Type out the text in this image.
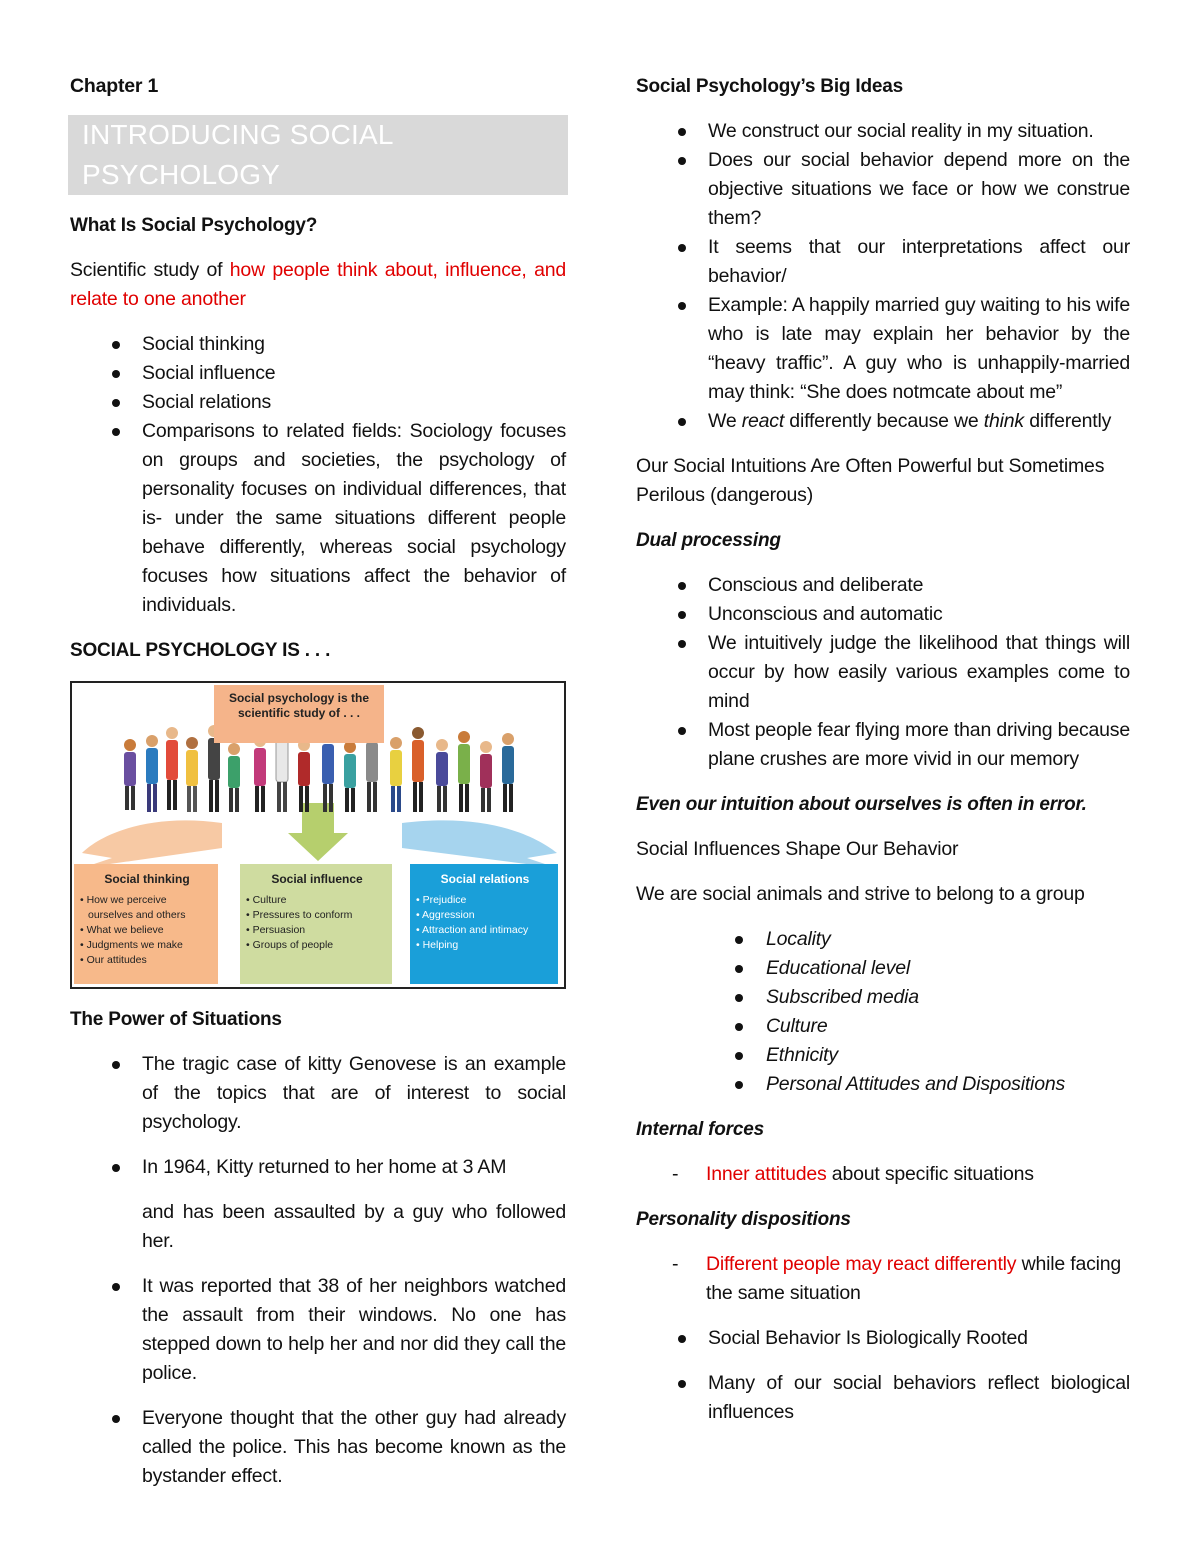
Chapter 1

INTRODUCING SOCIAL PSYCHOLOGY

What Is Social Psychology?

Scientific study of how people think about, influence, and relate to one another

Social thinking
Social influence
Social relations
Comparisons to related fields: Sociology focuses on groups and societies, the psychology of personality focuses on individual differences, that is- under the same situations different people behave differently, whereas social psychology focuses how situations affect the behavior of individuals.

SOCIAL PSYCHOLOGY IS . . .

Social psychology is the scientific study of . . .
Social thinking
• How we perceive
ourselves and others
• What we believe
• Judgments we make
• Our attitudes
Social influence
• Culture
• Pressures to conform
• Persuasion
• Groups of people
Social relations
• Prejudice
• Aggression
• Attraction and intimacy
• Helping

The Power of Situations

The tragic case of kitty Genovese is an example of the topics that are of interest to social psychology.
In 1964, Kitty returned to her home at 3 AM

and has been assaulted by a guy who followed her.

It was reported that 38 of her neighbors watched the assault from their windows. No one has stepped down to help her and nor did they call the police.
Everyone thought that the other guy had already called the police. This has become known as the bystander effect.

Social Psychology’s Big Ideas

We construct our social reality in my situation.
Does our social behavior depend more on the objective situations we face or how we construe them?
It seems that our interpretations affect our behavior/
Example: A happily married guy waiting to his wife who is late may explain her behavior by the “heavy traffic”. A guy who is unhappily-married may think: “She does notmcate about me”
We react differently because we think differently

Our Social Intuitions Are Often Powerful but Sometimes Perilous (dangerous)

Dual processing

Conscious and deliberate
Unconscious and automatic
We intuitively judge the likelihood that things will occur by how easily various examples come to mind
Most people fear flying more than driving because plane crushes are more vivid in our memory

Even our intuition about ourselves is often in error.

Social Influences Shape Our Behavior

We are social animals and strive to belong to a group

Locality
Educational level
Subscribed media
Culture
Ethnicity
Personal Attitudes and Dispositions

Internal forces

- Inner attitudes about specific situations

Personality dispositions

- Different people may react differently while facing the same situation
Social Behavior Is Biologically Rooted
Many of our social behaviors reflect biological influences
